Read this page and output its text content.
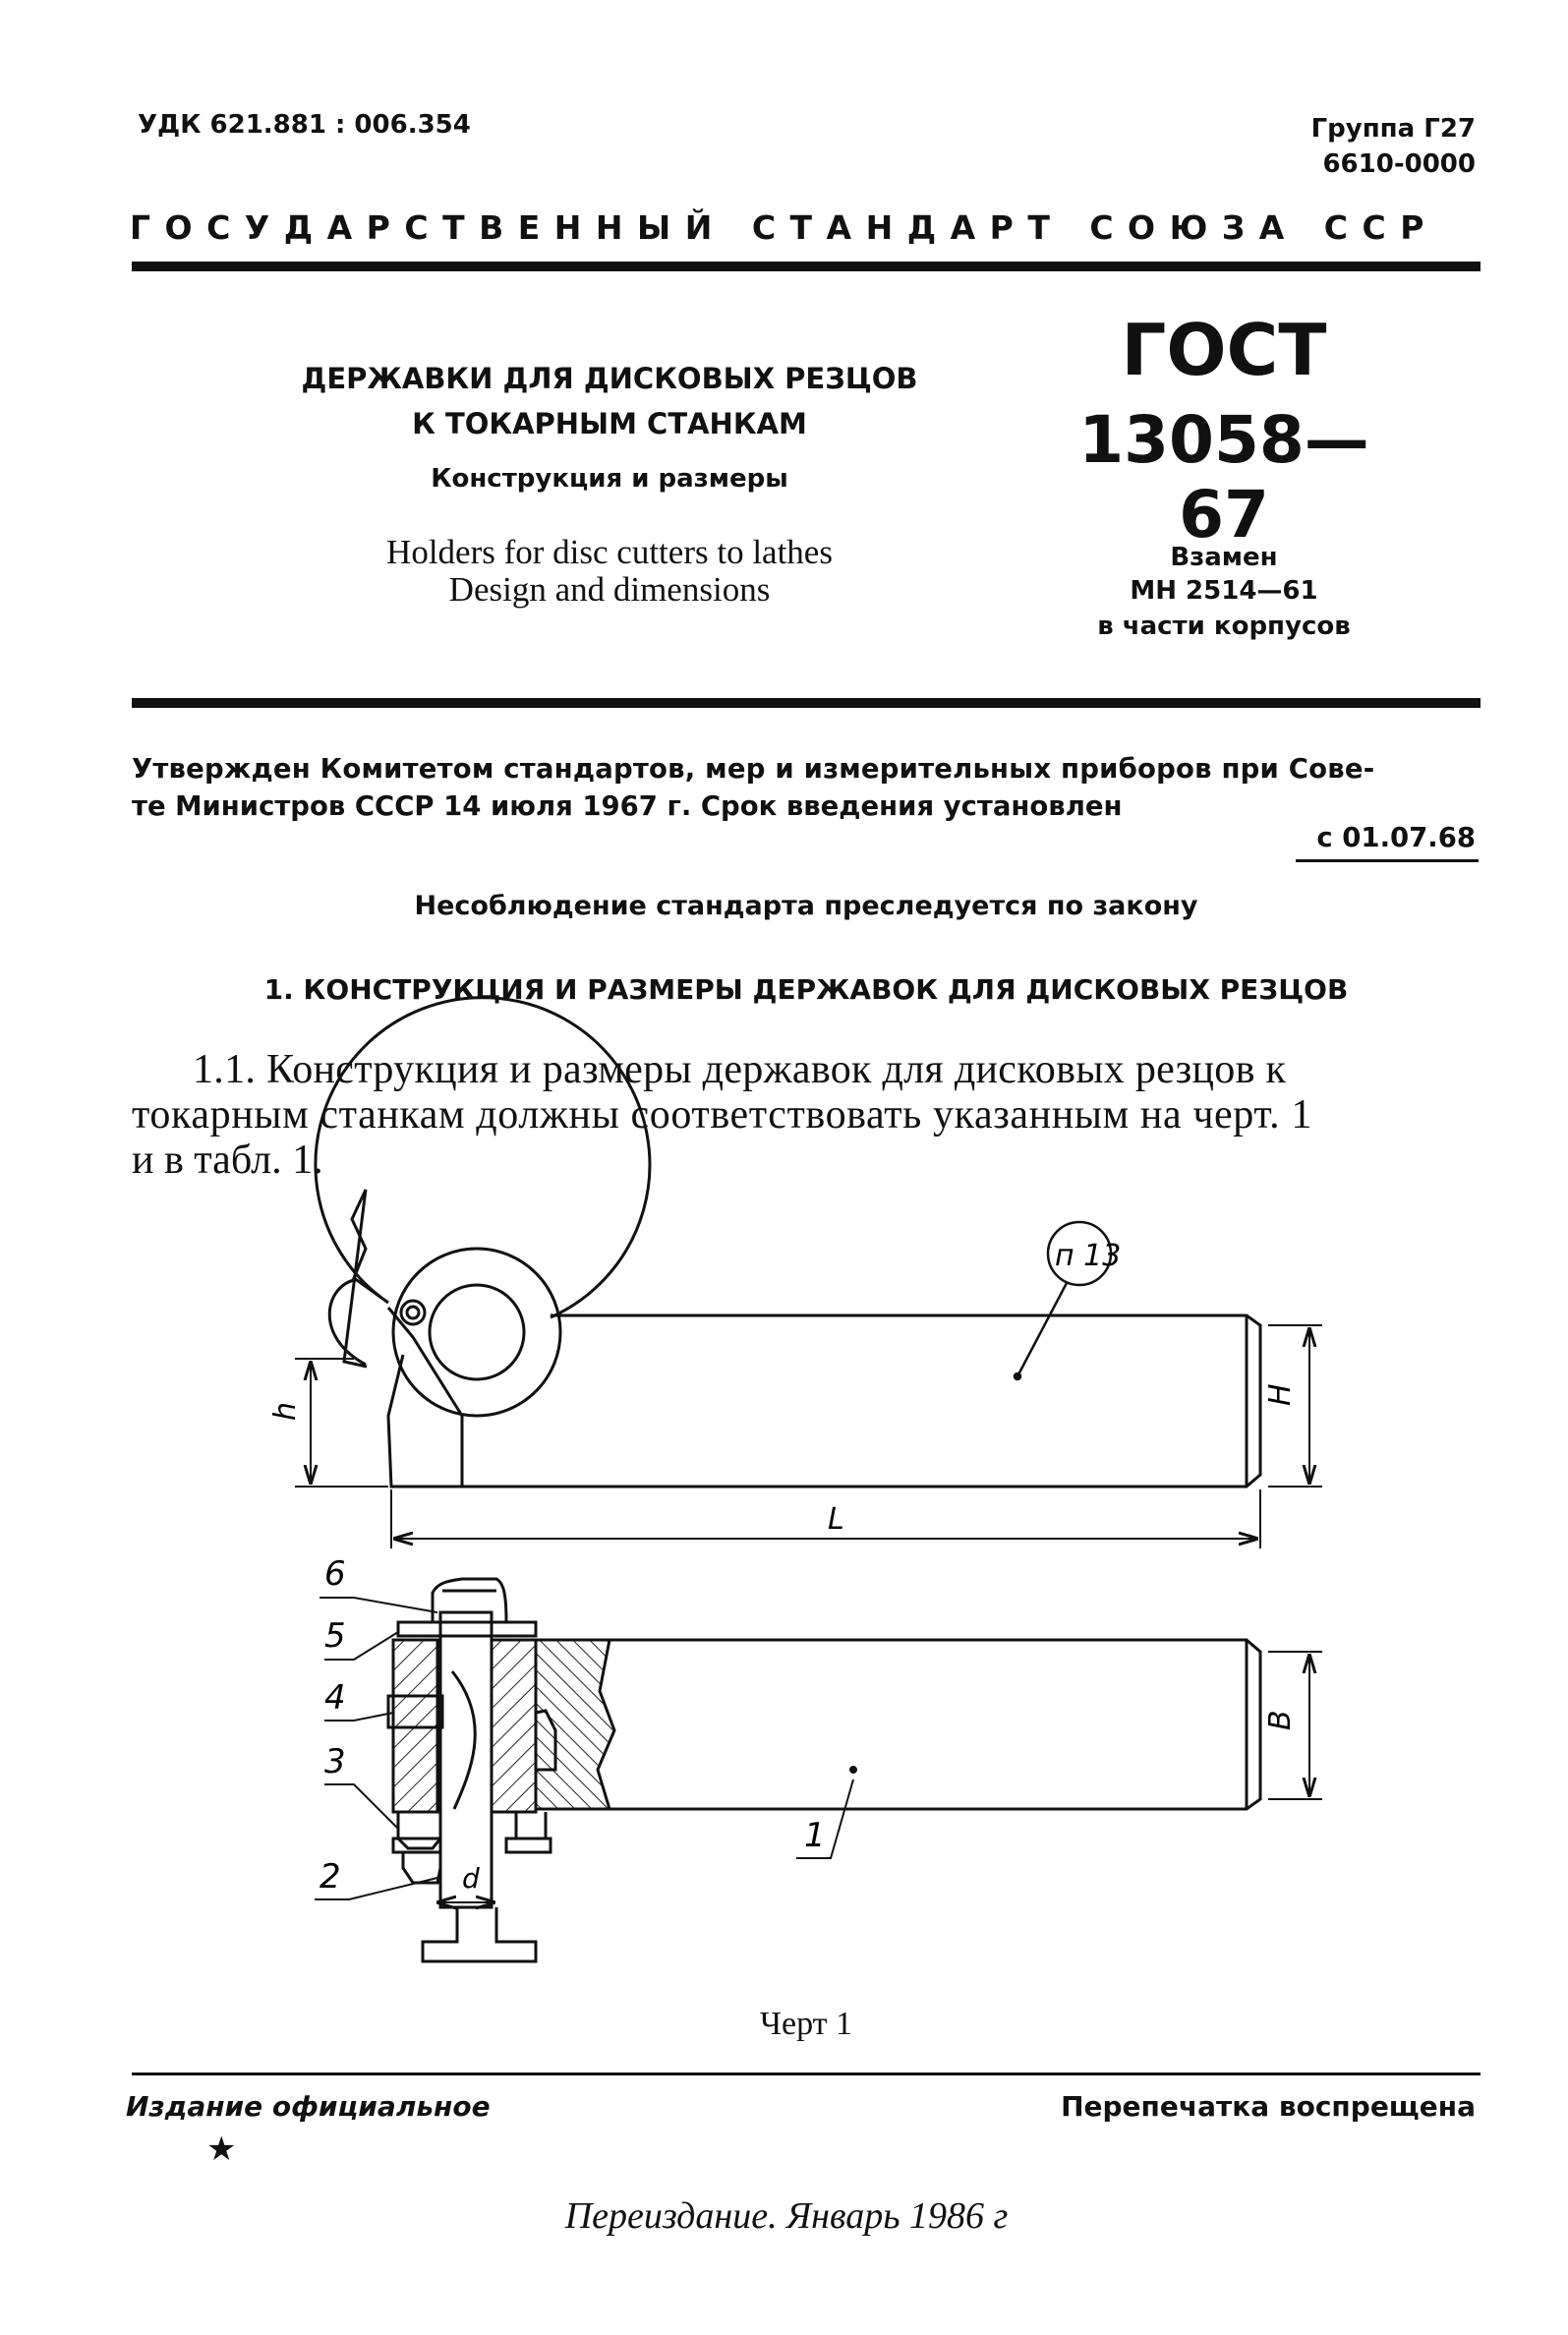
УДК 621.881 : 006.354	Группа Г27
6610-0000
ГОСУДАРСТВЕННЫЙ СТАНДАРТ СОЮЗА ССР
ДЕРЖАВКИ ДЛЯ ДИСКОВЫХ РЕЗЦОВ
К ТОКАРНЫМ СТАНКАМ
Конструкция и размеры
Holders for disc cutters to lathes
Design and dimensions
ГОСТ
13058—67
Взамен
МН 2514—61
в части корпусов
Утвержден Комитетом стандартов, мер и измерительных приборов при Сове-
те Министров СССР 14 июля 1967 г. Срок введения установлен
с 01.07.68
Несоблюдение стандарта преследуется по закону
1. КОНСТРУКЦИЯ И РАЗМЕРЫ ДЕРЖАВОК ДЛЯ ДИСКОВЫХ РЕЗЦОВ
1.1. Конструкция и размеры державок для дисковых резцов к
токарным станкам должны соответствовать указанным на черт. 1
и в табл. 1.
п 13
H
h
L
B
d
6
5
4
3
2
1
Черт 1
Издание официальное	Перепечатка воспрещена
★
Переиздание. Январь 1986 г
